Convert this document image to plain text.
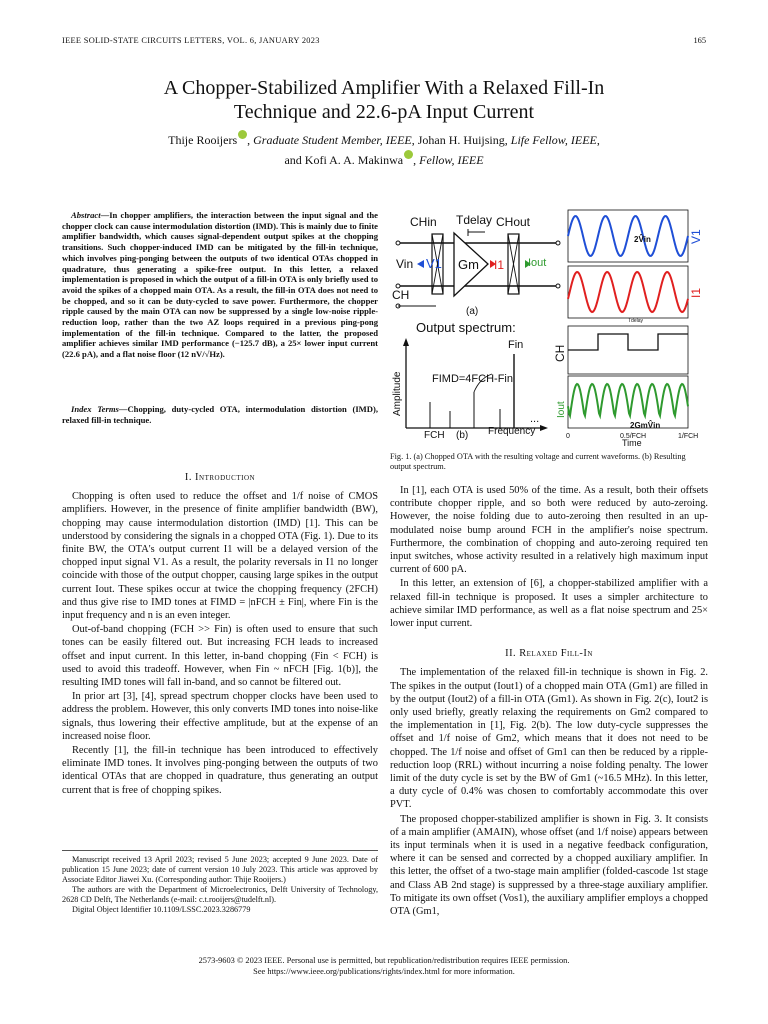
IEEE SOLID-STATE CIRCUITS LETTERS, VOL. 6, JANUARY 2023	165
A Chopper-Stabilized Amplifier With a Relaxed Fill-In
Technique and 22.6-pA Input Current
Thije Rooijers , Graduate Student Member, IEEE, Johan H. Huijsing, Life Fellow, IEEE,
and Kofi A. A. Makinwa , Fellow, IEEE
Abstract—In chopper amplifiers, the interaction between the input signal and the chopper clock can cause intermodulation distortion (IMD). This is mainly due to finite amplifier bandwidth, which causes signal-dependent output spikes at the chopping transitions. Such chopper-induced IMD can be mitigated by the fill-in technique, which involves ping-ponging between the outputs of two identical OTAs chopped in quadrature, thus generating a spike-free output. In this letter, a relaxed implementation is proposed in which the output of a fill-in OTA is only briefly used to avoid the spikes of a chopped main OTA. As a result, the fill-in OTA does not need to be chopped, and so it can be duty-cycled to save power. Furthermore, the chopper ripple caused by the main OTA can now be suppressed by a single low-noise ripple-reduction loop, rather than the two AZ loops required in a previous ping-pong implementation of the fill-in technique. Compared to the latter, the proposed amplifier achieves similar IMD performance (−125.7 dB), a 25× lower input current (22.6 pA), and a flat noise floor (12 nV/√Hz).
Index Terms—Chopping, duty-cycled OTA, intermodulation distortion (IMD), relaxed fill-in technique.
I. Introduction

Chopping is often used to reduce the offset and 1/f noise of CMOS amplifiers. However, in the presence of finite amplifier bandwidth (BW), chopping may cause intermodulation distortion (IMD) [1]. This can be understood by considering the signals in a chopped OTA (Fig. 1). Due to its finite BW, the OTA's output current I1 will be a delayed version of the chopped input signal V1. As a result, the polarity reversals in I1 no longer coincide with those of the output chopper, causing large spikes in the output current Iout. These spikes occur at twice the chopping frequency (2FCH) and thus give rise to IMD tones at FIMD = |nFCH ± Fin|, where Fin is the input frequency and n is an even integer.

Out-of-band chopping (FCH >> Fin) is often used to ensure that such tones can be easily filtered out. But increasing FCH leads to increased offset and input current. In this letter, in-band chopping (Fin < FCH) is used to avoid this tradeoff. However, when Fin ~ nFCH [Fig. 1(b)], the resulting IMD tones will fall in-band, and so cannot be filtered out.

In prior art [3], [4], spread spectrum chopper clocks have been used to address the problem. However, this only converts IMD tones into noise-like signals, thus lowering their effective amplitude, but at the expense of an increased noise floor.

Recently [1], the fill-in technique has been introduced to effectively eliminate IMD tones. It involves ping-ponging between the outputs of two identical OTAs that are chopped in quadrature, thus generating an output current that is free of chopping spikes.

Manuscript received 13 April 2023; revised 5 June 2023; accepted 9 June 2023. Date of publication 15 June 2023; date of current version 10 July 2023. This article was approved by Associate Editor Jiawei Xu. (Corresponding author: Thije Rooijers.)

The authors are with the Department of Microelectronics, Delft University of Technology, 2628 CD Delft, The Netherlands (e-mail: c.t.rooijers@tudelft.nl).

Digital Object Identifier 10.1109/LSSC.2023.3286779

CHin Tdelay CHout
Vin V1 Gm I1 Iout
CH
(a)
Output spectrum:
Amplitude	FIMD=4FCH-Fin
Fin
...
FCH	Frequency
(b)
V1
I1
CH
Iout
2V̂in
Tdelay
2GmV̂in
0	0.5/FCH	1/FCH
Time
Fig. 1. (a) Chopped OTA with the resulting voltage and current waveforms. (b) Resulting output spectrum.

In [1], each OTA is used 50% of the time. As a result, both their offsets contribute chopper ripple, and so both were reduced by auto-zeroing. However, the noise folding due to auto-zeroing then resulted in an up-modulated noise bump around FCH in the amplifier's noise spectrum. Furthermore, the combination of chopping and auto-zeroing required ten input switches, whose activity resulted in a relatively high maximum input current of 600 pA.

In this letter, an extension of [6], a chopper-stabilized amplifier with a relaxed fill-in technique is proposed. It uses a simpler architecture to achieve similar IMD performance, as well as a flat noise spectrum and 25× lower input current.

II. Relaxed Fill-In

The implementation of the relaxed fill-in technique is shown in Fig. 2. The spikes in the output (Iout1) of a chopped main OTA (Gm1) are filled in by the output (Iout2) of a fill-in OTA (Gm1). As shown in Fig. 2(c), Iout2 is only used briefly, greatly relaxing the requirements on Gm2 compared to the implementation in [1], Fig. 2(b). The low duty-cycle suppresses the offset and 1/f noise of Gm2, which means that it does not need to be chopped. The 1/f noise and offset of Gm1 can then be reduced by a ripple-reduction loop (RRL) without incurring a noise folding penalty. The lower limit of the duty cycle is set by the BW of Gm1 (~16.5 MHz). In this letter, a duty cycle of 0.4% was chosen to comfortably accommodate this over PVT.

The proposed chopper-stabilized amplifier is shown in Fig. 3. It consists of a main amplifier (AMAIN), whose offset (and 1/f noise) appears between its input terminals when it is used in a negative feedback configuration, where it can be sensed and corrected by a chopped auxiliary amplifier. In this letter, the offset of a two-stage main amplifier (folded-cascode 1st stage and Class AB 2nd stage) is suppressed by a three-stage auxiliary amplifier. To mitigate its own offset (Vos1), the auxiliary amplifier employs a chopped OTA (Gm1,

2573-9603 © 2023 IEEE. Personal use is permitted, but republication/redistribution requires IEEE permission.
See https://www.ieee.org/publications/rights/index.html for more information.
